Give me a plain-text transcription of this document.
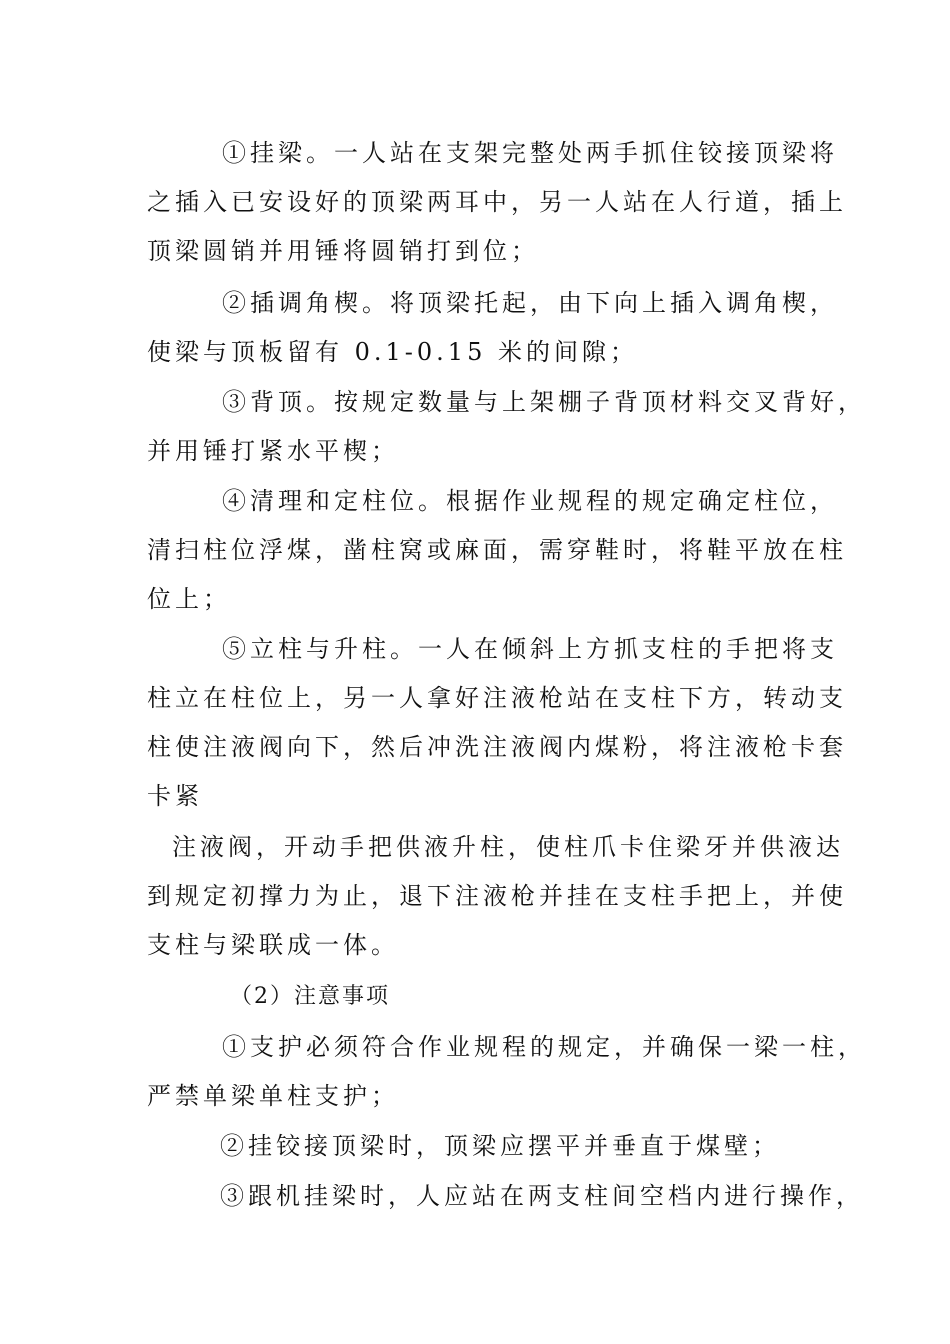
①挂梁。一人站在支架完整处两手抓住铰接顶梁将
之插入已安设好的顶梁两耳中，另一人站在人行道，插上
顶梁圆销并用锤将圆销打到位；
②插调角楔。将顶梁托起，由下向上插入调角楔，
使梁与顶板留有 0.1-0.15 米的间隙；
③背顶。按规定数量与上架棚子背顶材料交叉背好，
并用锤打紧水平楔；
④清理和定柱位。根据作业规程的规定确定柱位，
清扫柱位浮煤，凿柱窝或麻面，需穿鞋时，将鞋平放在柱
位上；
⑤立柱与升柱。一人在倾斜上方抓支柱的手把将支
柱立在柱位上，另一人拿好注液枪站在支柱下方，转动支
柱使注液阀向下，然后冲洗注液阀内煤粉，将注液枪卡套
卡紧
注液阀，开动手把供液升柱，使柱爪卡住梁牙并供液达
到规定初撑力为止，退下注液枪并挂在支柱手把上，并使
支柱与梁联成一体。
（2）注意事项
①支护必须符合作业规程的规定，并确保一梁一柱，
严禁单梁单柱支护；
②挂铰接顶梁时，顶梁应摆平并垂直于煤壁；
③跟机挂梁时，人应站在两支柱间空档内进行操作，
